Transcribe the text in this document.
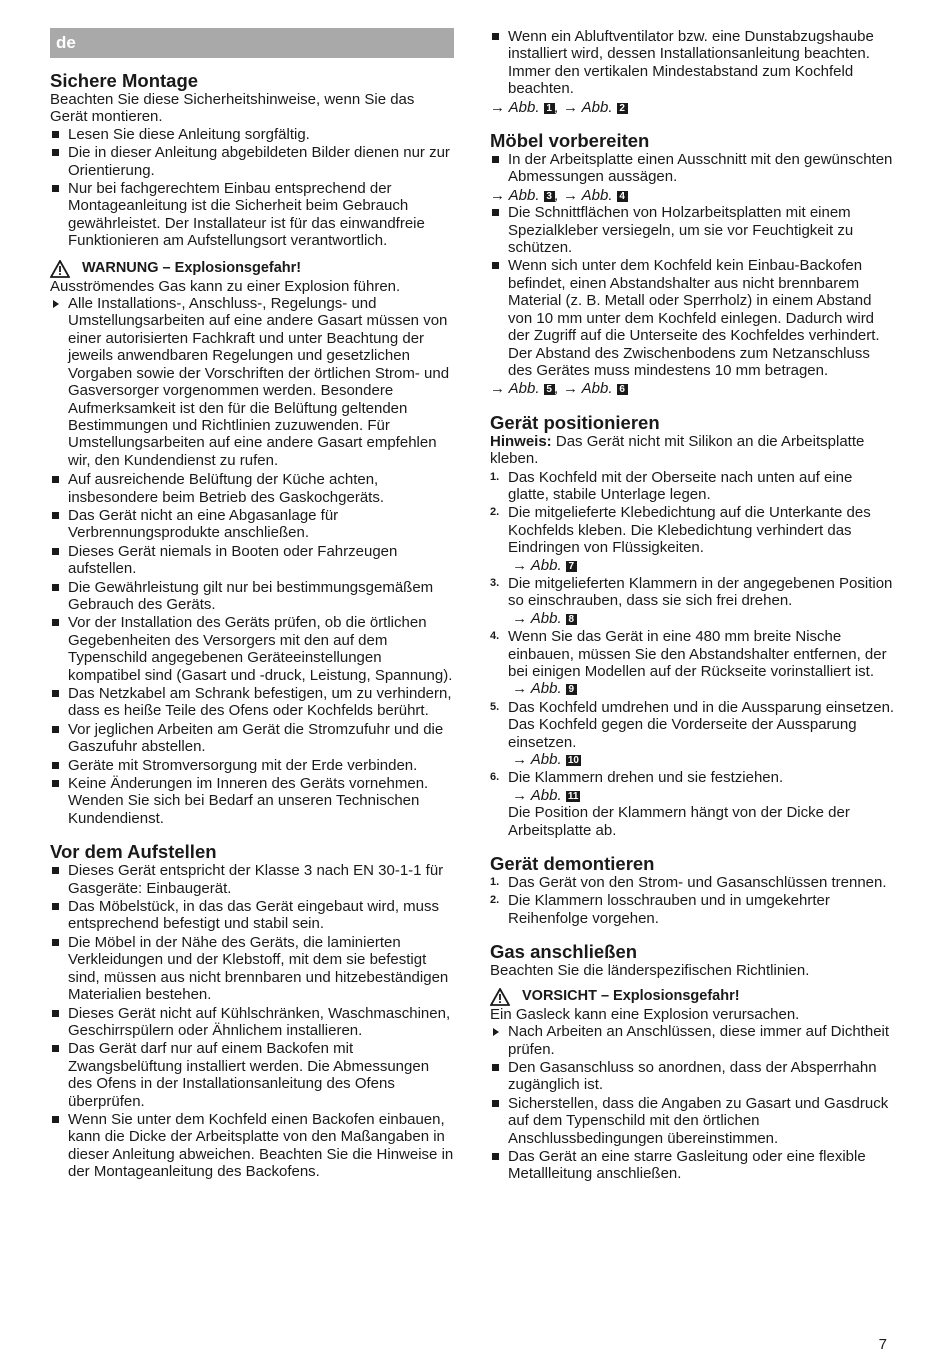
de
Sichere Montage

Beachten Sie diese Sicherheitshinweise, wenn Sie das Gerät montieren.

Lesen Sie diese Anleitung sorgfältig.
Die in dieser Anleitung abgebildeten Bilder dienen nur zur Orientierung.
Nur bei fachgerechtem Einbau entsprechend der Montageanleitung ist die Sicherheit beim Gebrauch gewährleistet. Der Installateur ist für das einwandfreie Funktionieren am Aufstellungsort verantwortlich.
WARNUNG – Explosionsgefahr!

Ausströmendes Gas kann zu einer Explosion führen.

Alle Installations-, Anschluss-, Regelungs- und Umstellungsarbeiten auf eine andere Gasart müssen von einer autorisierten Fachkraft und unter Beachtung der jeweils anwendbaren Regelungen und gesetzlichen Vorgaben sowie der Vorschriften der örtlichen Strom- und Gasversorger vorgenommen werden. Besondere Aufmerksamkeit ist den für die Belüftung geltenden Bestimmungen und Richtlinien zuzuwenden. Für Umstellungsarbeiten auf eine andere Gasart empfehlen wir, den Kundendienst zu rufen.
Auf ausreichende Belüftung der Küche achten, insbesondere beim Betrieb des Gaskochgeräts.
Das Gerät nicht an eine Abgasanlage für Verbrennungsprodukte anschließen.
Dieses Gerät niemals in Booten oder Fahrzeugen aufstellen.
Die Gewährleistung gilt nur bei bestimmungsgemäßem Gebrauch des Geräts.
Vor der Installation des Geräts prüfen, ob die örtlichen Gegebenheiten des Versorgers mit den auf dem Typenschild angegebenen Geräteeinstellungen kompatibel sind (Gasart und -druck, Leistung, Spannung).
Das Netzkabel am Schrank befestigen, um zu verhindern, dass es heiße Teile des Ofens oder Kochfelds berührt.
Vor jeglichen Arbeiten am Gerät die Stromzufuhr und die Gaszufuhr abstellen.
Geräte mit Stromversorgung mit der Erde verbinden.
Keine Änderungen im Inneren des Geräts vornehmen. Wenden Sie sich bei Bedarf an unseren Technischen Kundendienst.
Vor dem Aufstellen
Dieses Gerät entspricht der Klasse 3 nach EN 30-1-1 für Gasgeräte: Einbaugerät.
Das Möbelstück, in das das Gerät eingebaut wird, muss entsprechend befestigt und stabil sein.
Die Möbel in der Nähe des Geräts, die laminierten Verkleidungen und der Klebstoff, mit dem sie befestigt sind, müssen aus nicht brennbaren und hitzebeständigen Materialien bestehen.
Dieses Gerät nicht auf Kühlschränken, Waschmaschinen, Geschirrspülern oder Ähnlichem installieren.
Das Gerät darf nur auf einem Backofen mit Zwangsbelüftung installiert werden. Die Abmessungen des Ofens in der Installationsanleitung des Ofens überprüfen.
Wenn Sie unter dem Kochfeld einen Backofen einbauen, kann die Dicke der Arbeitsplatte von den Maßangaben in dieser Anleitung abweichen. Beachten Sie die Hinweise in der Montageanleitung des Backofens.
Wenn ein Abluftventilator bzw. eine Dunstabzugshaube installiert wird, dessen Installationsanleitung beachten. Immer den vertikalen Mindestabstand zum Kochfeld beachten.
→ Abb. 1 , → Abb. 2
Möbel vorbereiten
In der Arbeitsplatte einen Ausschnitt mit den gewünschten Abmessungen aussägen.
→ Abb. 3 , → Abb. 4
Die Schnittflächen von Holzarbeitsplatten mit einem Spezialkleber versiegeln, um sie vor Feuchtigkeit zu schützen.
Wenn sich unter dem Kochfeld kein Einbau-Backofen befindet, einen Abstandshalter aus nicht brennbarem Material (z. B. Metall oder Sperrholz) in einem Abstand von 10 mm unter dem Kochfeld einlegen. Dadurch wird der Zugriff auf die Unterseite des Kochfeldes verhindert. Der Abstand des Zwischenbodens zum Netzanschluss des Gerätes muss mindestens 10 mm betragen.
→ Abb. 5 , → Abb. 6
Gerät positionieren

Hinweis: Das Gerät nicht mit Silikon an die Arbeitsplatte kleben.

1. Das Kochfeld mit der Oberseite nach unten auf eine glatte, stabile Unterlage legen.
2. Die mitgelieferte Klebedichtung auf die Unterkante des Kochfelds kleben. Die Klebedichtung verhindert das Eindringen von Flüssigkeiten.
→ Abb. 7
3. Die mitgelieferten Klammern in der angegebenen Position so einschrauben, dass sie sich frei drehen.
→ Abb. 8
4. Wenn Sie das Gerät in eine 480 mm breite Nische einbauen, müssen Sie den Abstandshalter entfernen, der bei einigen Modellen auf der Rückseite vorinstalliert ist.
→ Abb. 9
5. Das Kochfeld umdrehen und in die Aussparung einsetzen. Das Kochfeld gegen die Vorderseite der Aussparung einsetzen.
→ Abb. 10
6. Die Klammern drehen und sie festziehen.
→ Abb. 11
Die Position der Klammern hängt von der Dicke der Arbeitsplatte ab.
Gerät demontieren
1. Das Gerät von den Strom- und Gasanschlüssen trennen.
2. Die Klammern losschrauben und in umgekehrter Reihenfolge vorgehen.
Gas anschließen

Beachten Sie die länderspezifischen Richtlinien.

VORSICHT – Explosionsgefahr!

Ein Gasleck kann eine Explosion verursachen.

Nach Arbeiten an Anschlüssen, diese immer auf Dichtheit prüfen.
Den Gasanschluss so anordnen, dass der Absperrhahn zugänglich ist.
Sicherstellen, dass die Angaben zu Gasart und Gasdruck auf dem Typenschild mit den örtlichen Anschlussbedingungen übereinstimmen.
Das Gerät an eine starre Gasleitung oder eine flexible Metallleitung anschließen.
7
